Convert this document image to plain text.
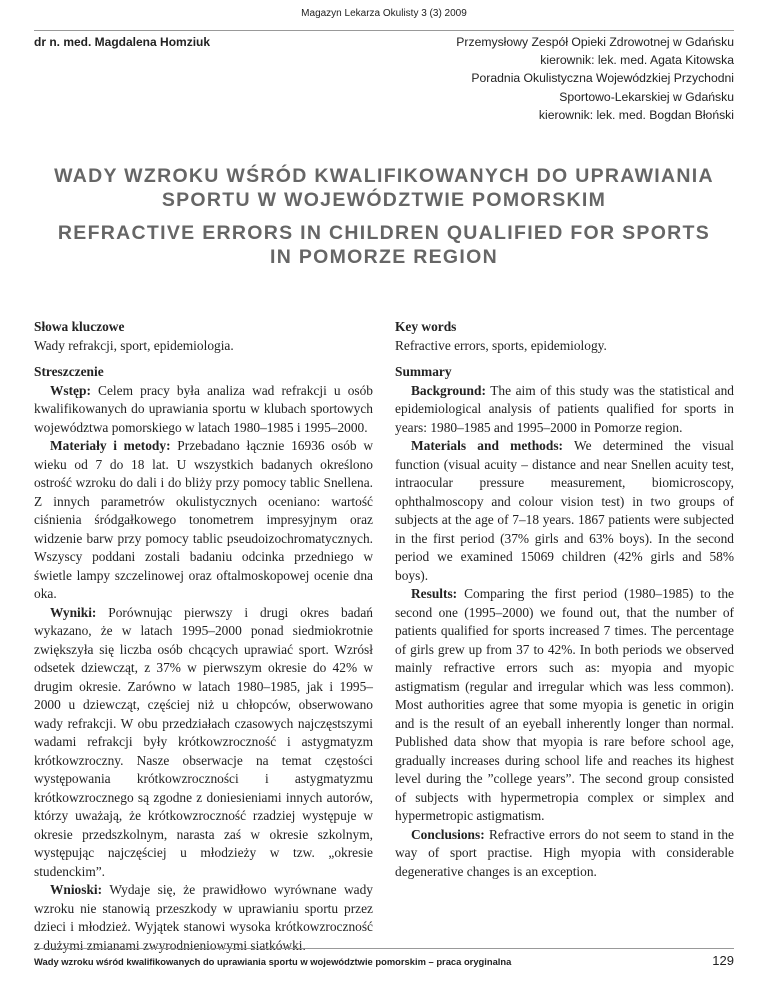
Magazyn Lekarza Okulisty 3 (3) 2009
dr n. med. Magdalena Homziuk	Przemysłowy Zespół Opieki Zdrowotnej w Gdańsku
kierownik: lek. med. Agata Kitowska
Poradnia Okulistyczna Wojewódzkiej Przychodni
Sportowo-Lekarskiej w Gdańsku
kierownik: lek. med. Bogdan Błoński
WADY WZROKU WŚRÓD KWALIFIKOWANYCH DO UPRAWIANIA
SPORTU W WOJEWÓDZTWIE POMORSKIM
REFRACTIVE ERRORS IN CHILDREN QUALIFIED FOR SPORTS
IN POMORZE REGION
Słowa kluczowe
Wady refrakcji, sport, epidemiologia.
Key words
Refractive errors, sports, epidemiology.
Streszczenie

Wstęp: Celem pracy była analiza wad refrakcji u osób kwalifikowanych do uprawiania sportu w klubach sportowych województwa pomorskiego w latach 1980–1985 i 1995–2000.

Materiały i metody: Przebadano łącznie 16936 osób w wieku od 7 do 18 lat. U wszystkich badanych określono ostrość wzroku do dali i do bliży przy pomocy tablic Snellena. Z innych parametrów okulistycznych oceniano: wartość ciśnienia śródgałkowego tonometrem impresyjnym oraz widzenie barw przy pomocy tablic pseudoizochromatycznych. Wszyscy poddani zostali badaniu odcinka przedniego w świetle lampy szczelinowej oraz oftalmoskopowej ocenie dna oka.

Wyniki: Porównując pierwszy i drugi okres badań wykazano, że w latach 1995–2000 ponad siedmiokrotnie zwiększyła się liczba osób chcących uprawiać sport. Wzrósł odsetek dziewcząt, z 37% w pierwszym okresie do 42% w drugim okresie. Zarówno w latach 1980–1985, jak i 1995–2000 u dziewcząt, częściej niż u chłopców, obserwowano wady refrakcji. W obu przedziałach czasowych najczęstszymi wadami refrakcji były krótkowzroczność i astygmatyzm krótkowzroczny. Nasze obserwacje na temat częstości występowania krótkowzroczności i astygmatyzmu krótkowzrocznego są zgodne z doniesieniami innych autorów, którzy uważają, że krótkowzroczność rzadziej występuje w okresie przedszkolnym, narasta zaś w okresie szkolnym, występując najczęściej u młodzieży w tzw. „okresie studenckim”.

Wnioski: Wydaje się, że prawidłowo wyrównane wady wzroku nie stanowią przeszkody w uprawianiu sportu przez dzieci i młodzież. Wyjątek stanowi wysoka krótkowzroczność z dużymi zmianami zwyrodnieniowymi siatkówki.

Summary

Background: The aim of this study was the statistical and epidemiological analysis of patients qualified for sports in years: 1980–1985 and 1995–2000 in Pomorze region.

Materials and methods: We determined the visual function (visual acuity – distance and near Snellen acuity test, intraocular pressure measurement, biomicroscopy, ophthalmoscopy and colour vision test) in two groups of subjects at the age of 7–18 years. 1867 patients were subjected in the first period (37% girls and 63% boys). In the second period we examined 15069 children (42% girls and 58% boys).

Results: Comparing the first period (1980–1985) to the second one (1995–2000) we found out, that the number of patients qualified for sports increased 7 times. The percentage of girls grew up from 37 to 42%. In both periods we observed mainly refractive errors such as: myopia and myopic astigmatism (regular and irregular which was less common). Most authorities agree that some myopia is genetic in origin and is the result of an eyeball inherently longer than normal. Published data show that myopia is rare before school age, gradually increases during school life and reaches its highest level during the ”college years”. The second group consisted of subjects with hypermetropia complex or simplex and hypermetropic astigmatism.

Conclusions: Refractive errors do not seem to stand in the way of sport practise. High myopia with considerable degenerative changes is an exception.

Wady wzroku wśród kwalifikowanych do uprawiania sportu w województwie pomorskim – praca oryginalna	129
